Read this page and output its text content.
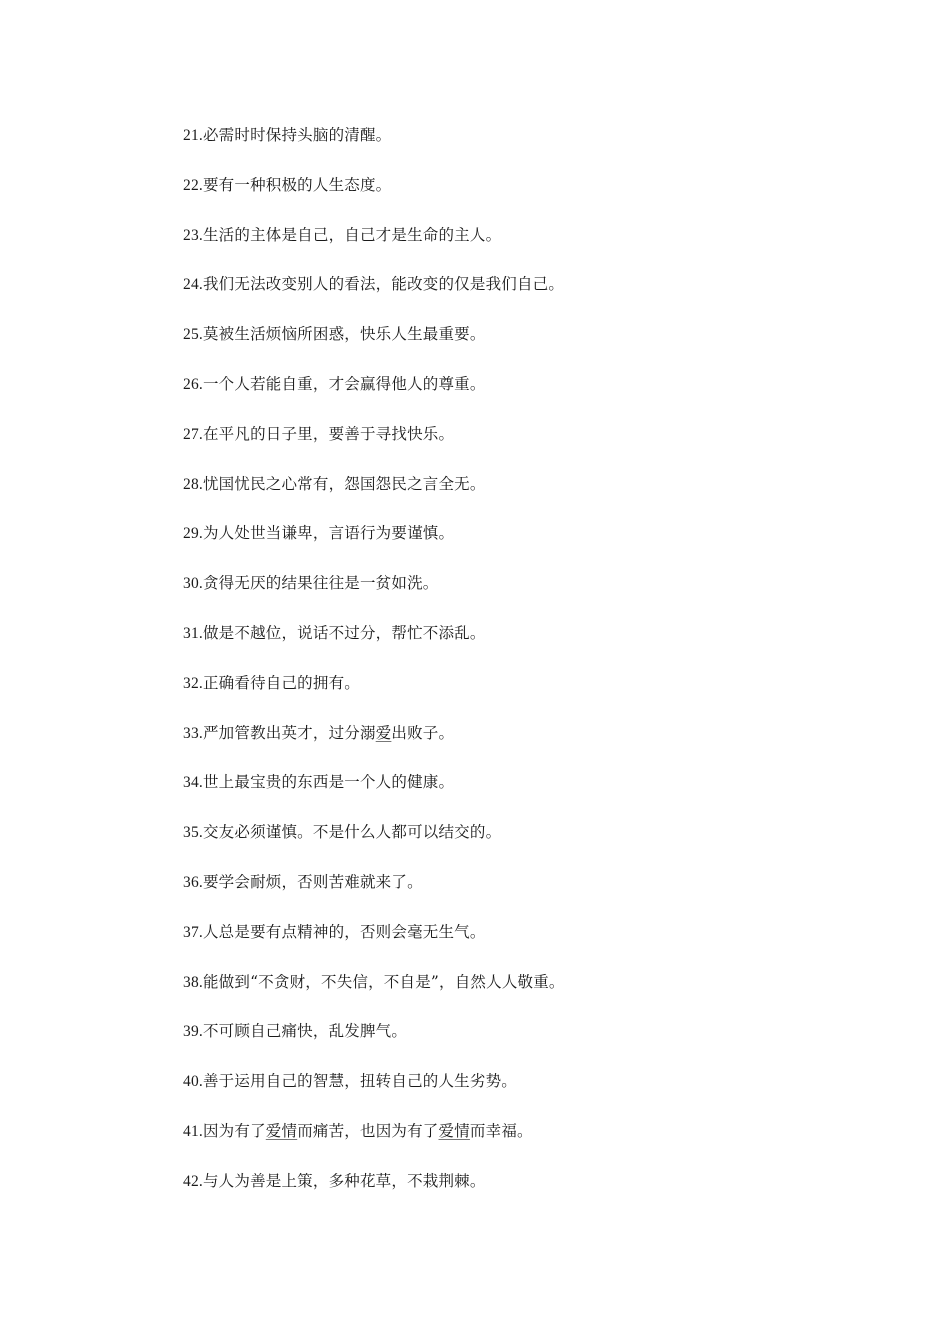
21.必需时时保持头脑的清醒。
22.要有一种积极的人生态度。
23.生活的主体是自己，自己才是生命的主人。
24.我们无法改变别人的看法，能改变的仅是我们自己。
25.莫被生活烦恼所困惑，快乐人生最重要。
26.一个人若能自重，才会赢得他人的尊重。
27.在平凡的日子里，要善于寻找快乐。
28.忧国忧民之心常有，怨国怨民之言全无。
29.为人处世当谦卑，言语行为要谨慎。
30.贪得无厌的结果往往是一贫如洗。
31.做是不越位，说话不过分，帮忙不添乱。
32.正确看待自己的拥有。
33.严加管教出英才，过分溺爱出败子。
34.世上最宝贵的东西是一个人的健康。
35.交友必须谨慎。不是什么人都可以结交的。
36.要学会耐烦，否则苦难就来了。
37.人总是要有点精神的，否则会毫无生气。
38.能做到“不贪财，不失信，不自是”，自然人人敬重。
39.不可顾自己痛快，乱发脾气。
40.善于运用自己的智慧，扭转自己的人生劣势。
41.因为有了爱情而痛苦，也因为有了爱情而幸福。
42.与人为善是上策，多种花草，不栽荆棘。
